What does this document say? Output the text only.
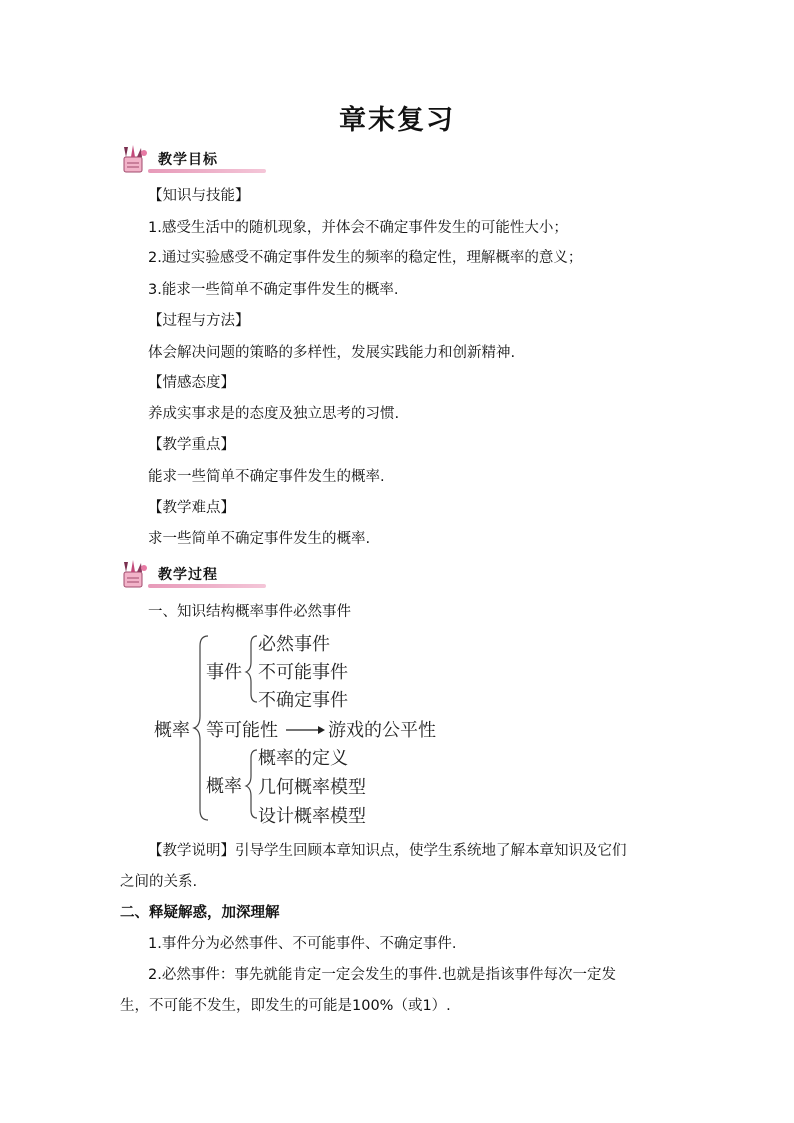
章末复习
教学目标
【知识与技能】
1.感受生活中的随机现象，并体会不确定事件发生的可能性大小；
2.通过实验感受不确定事件发生的频率的稳定性，理解概率的意义；
3.能求一些简单不确定事件发生的概率.
【过程与方法】
体会解决问题的策略的多样性，发展实践能力和创新精神.
【情感态度】
养成实事求是的态度及独立思考的习惯.
【教学重点】
能求一些简单不确定事件发生的概率.
【教学难点】
求一些简单不确定事件发生的概率.
教学过程
一、知识结构概率事件必然事件
概率
事件
必然事件
不可能事件
不确定事件
等可能性	游戏的公平性
概率
概率的定义
几何概率模型
设计概率模型
【教学说明】引导学生回顾本章知识点，使学生系统地了解本章知识及它们
之间的关系.
二、释疑解惑，加深理解
1.事件分为必然事件、不可能事件、不确定事件.
2.必然事件：事先就能肯定一定会发生的事件.也就是指该事件每次一定发
生，不可能不发生，即发生的可能是100%（或1）.
